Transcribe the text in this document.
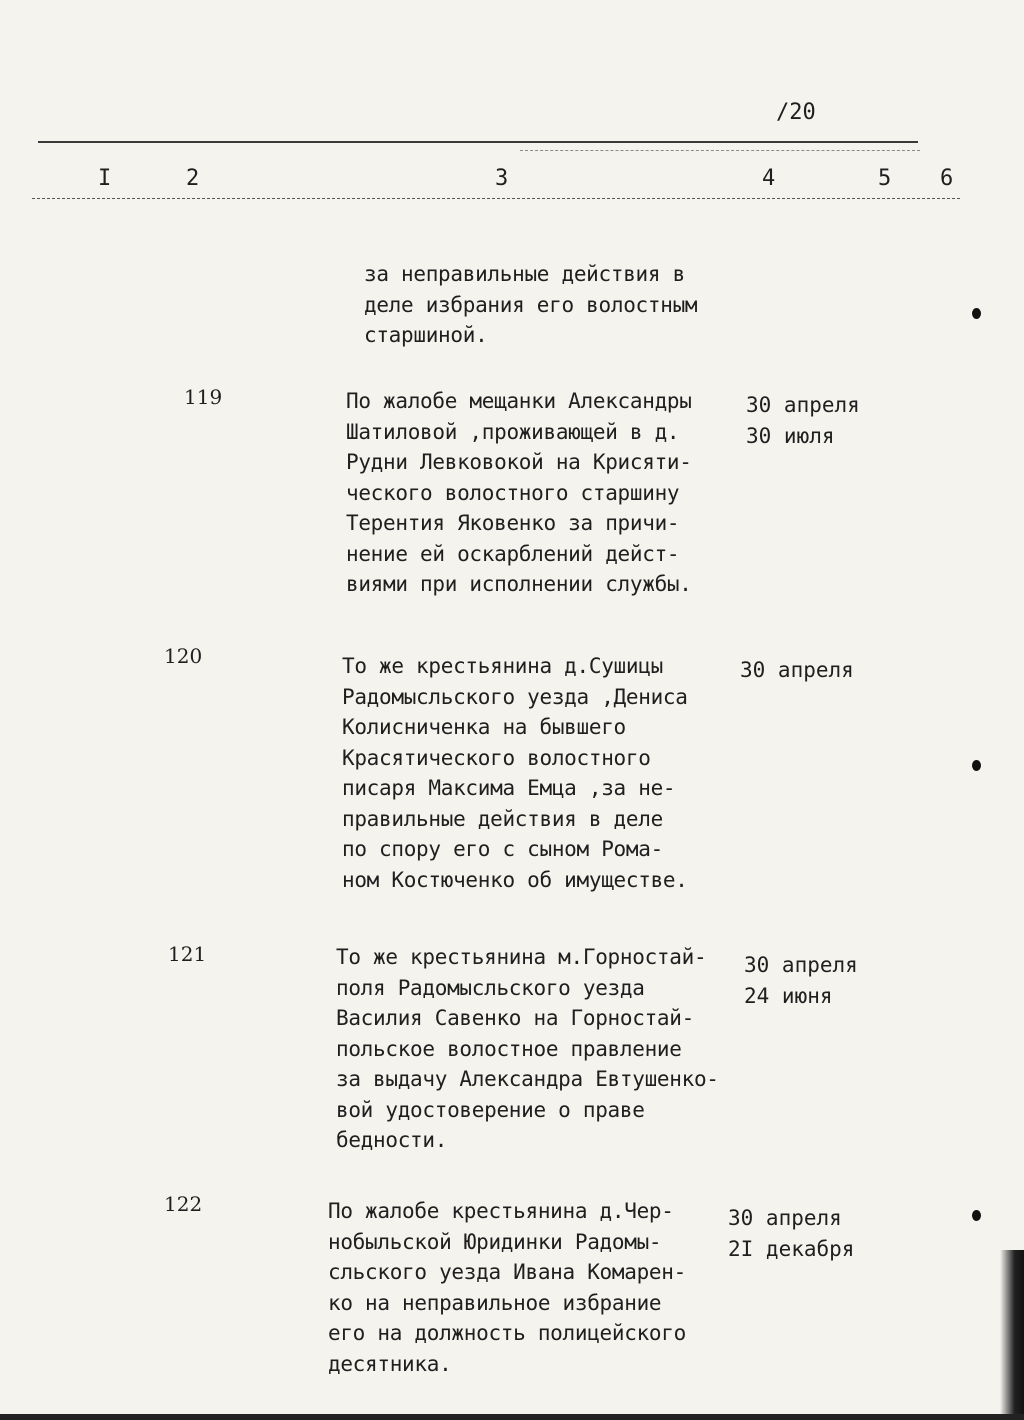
/20
I	2	3	4	5 6
за неправильные действия в
деле избрания его волостным
старшиной.
119	По жалобе мещанки Александры
Шатиловой ,проживающей в д.
Рудни Левковокой на Крисяти-
ческого волостного старшину
Терентия Яковенко за причи-
нение ей оскарблений дейст-
виями при исполнении службы.
30 апреля
30 июля
120	То же крестьянина д.Сушицы
Радомысльского уезда ,Дениса
Колисниченка на бывшего
Красятического волостного
писаря Максима Емца ,за не-
правильные действия в деле
по спору его с сыном Рома-
ном Костюченко об имуществе.
30 апреля
121	То же крестьянина м.Горностай-
поля Радомысльского уезда
Василия Савенко на Горностай-
польское волостное правление
за выдачу Александра Евтушенко-
вой удостоверение о праве
бедности.
30 апреля
24 июня
122	По жалобе крестьянина д.Чер-
нобыльской Юридинки Радомы-
сльского уезда Ивана Комарен-
ко на неправильное избрание
его на должность полицейского
десятника.
30 апреля
2I декабря
